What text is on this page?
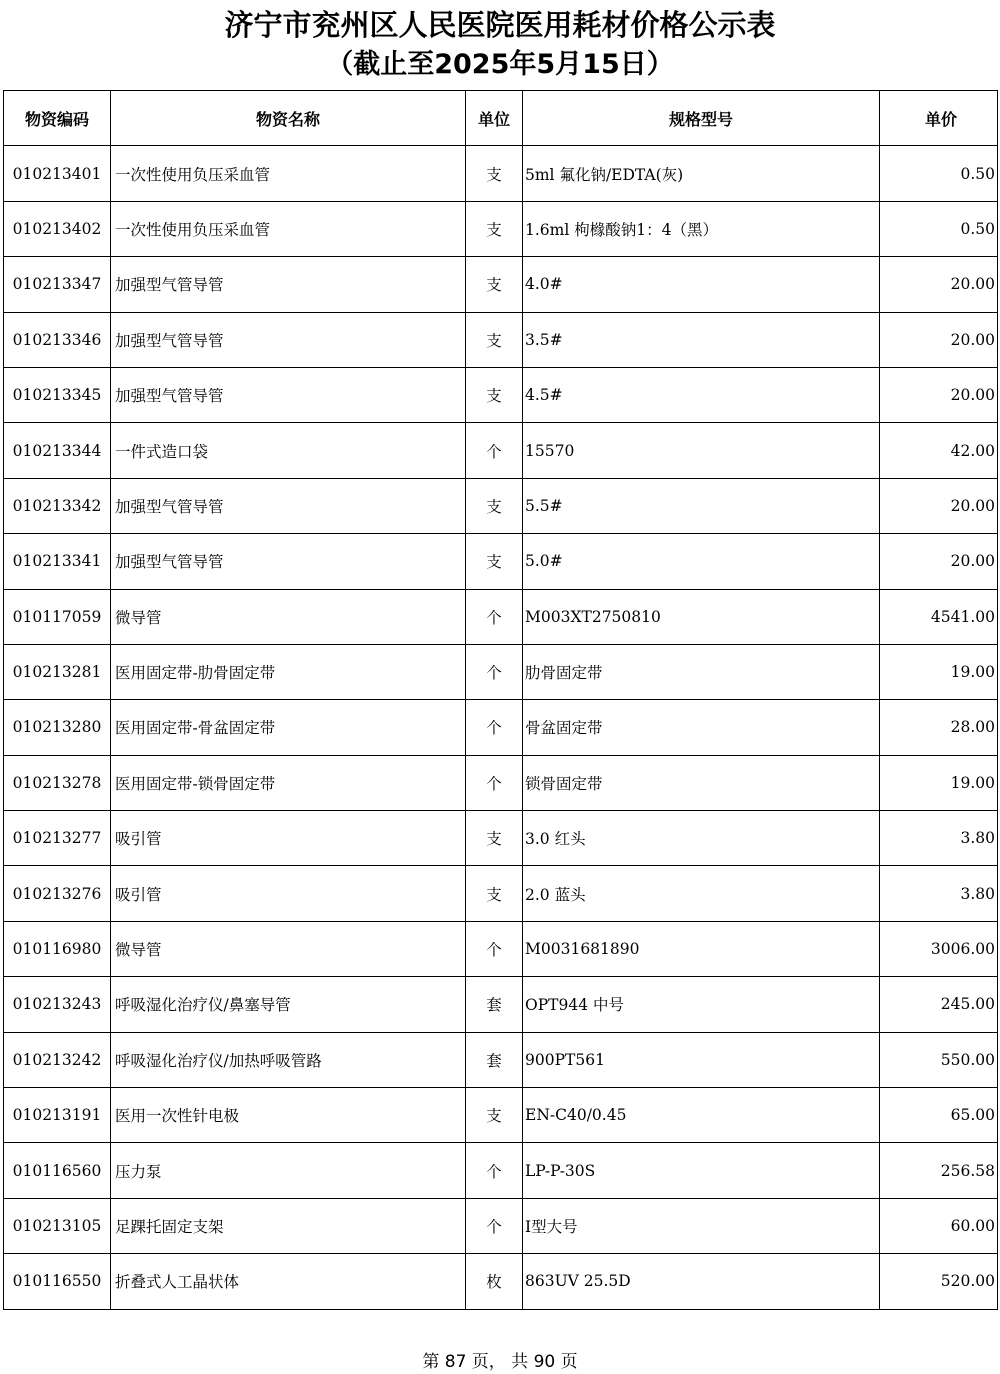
济宁市兖州区人民医院医用耗材价格公示表
（截止至2025年5月15日）
物资编码	物资名称	单位	规格型号	单价
010213401	一次性使用负压采血管	支	5ml 氟化钠/EDTA(灰)	0.50
010213402	一次性使用负压采血管	支	1.6ml 枸橼酸钠1：4（黑）	0.50
010213347	加强型气管导管	支	4.0#	20.00
010213346	加强型气管导管	支	3.5#	20.00
010213345	加强型气管导管	支	4.5#	20.00
010213344	一件式造口袋	个	15570	42.00
010213342	加强型气管导管	支	5.5#	20.00
010213341	加强型气管导管	支	5.0#	20.00
010117059	微导管	个	M003XT2750810	4541.00
010213281	医用固定带-肋骨固定带	个	肋骨固定带	19.00
010213280	医用固定带-骨盆固定带	个	骨盆固定带	28.00
010213278	医用固定带-锁骨固定带	个	锁骨固定带	19.00
010213277	吸引管	支	3.0 红头	3.80
010213276	吸引管	支	2.0 蓝头	3.80
010116980	微导管	个	M0031681890	3006.00
010213243	呼吸湿化治疗仪/鼻塞导管	套	OPT944 中号	245.00
010213242	呼吸湿化治疗仪/加热呼吸管路	套	900PT561	550.00
010213191	医用一次性针电极	支	EN-C40/0.45	65.00
010116560	压力泵	个	LP-P-30S	256.58
010213105	足踝托固定支架	个	I型大号	60.00
010116550	折叠式人工晶状体	枚	863UV 25.5D	520.00
第 87 页， 共 90 页
